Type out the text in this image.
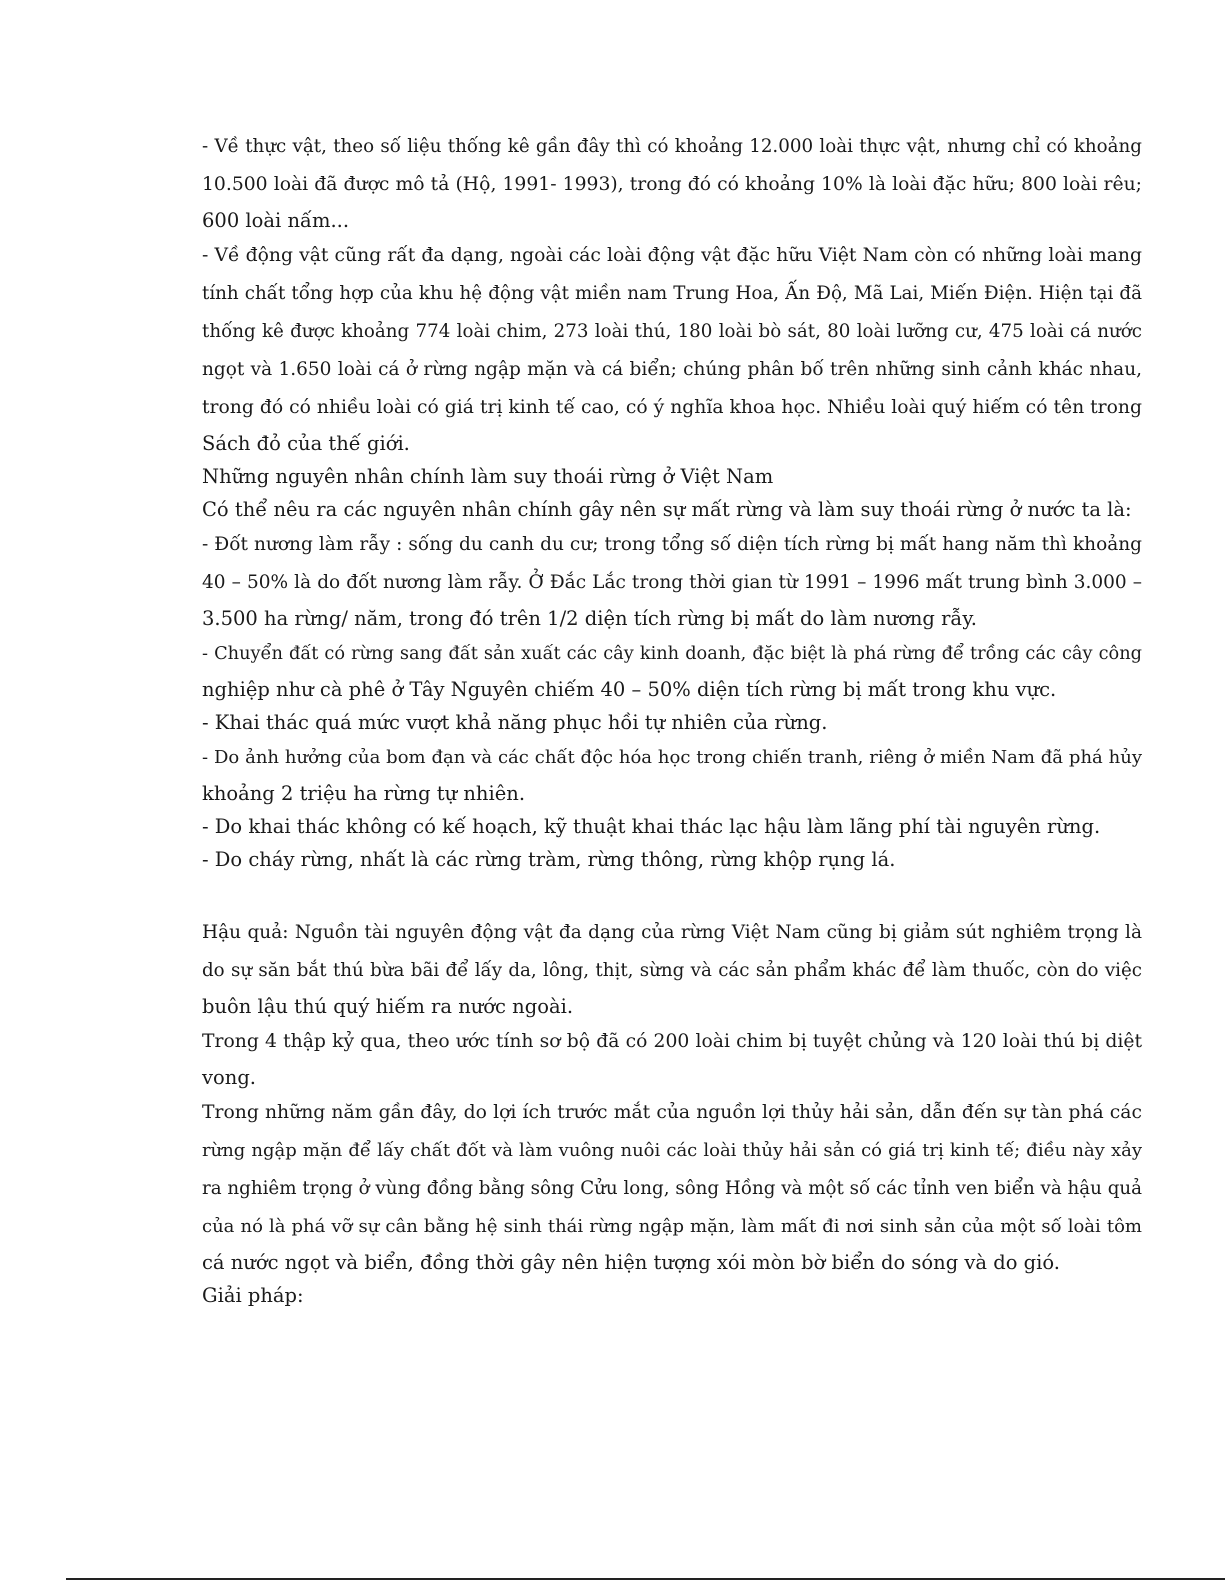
- Về thực vật, theo số liệu thống kê gần đây thì có khoảng 12.000 loài thực vật, nhưng chỉ có khoảng
10.500 loài đã được mô tả (Hộ, 1991- 1993), trong đó có khoảng 10% là loài đặc hữu; 800 loài rêu;
600 loài nấm...
- Về động vật cũng rất đa dạng, ngoài các loài động vật đặc hữu Việt Nam còn có những loài mang
tính chất tổng hợp của khu hệ động vật miền nam Trung Hoa, Ấn Độ, Mã Lai, Miến Điện. Hiện tại đã
thống kê được khoảng 774 loài chim, 273 loài thú, 180 loài bò sát, 80 loài lưỡng cư, 475 loài cá nước
ngọt và 1.650 loài cá ở rừng ngập mặn và cá biển; chúng phân bố trên những sinh cảnh khác nhau,
trong đó có nhiều loài có giá trị kinh tế cao, có ý nghĩa khoa học. Nhiều loài quý hiếm có tên trong
Sách đỏ của thế giới.
Những nguyên nhân chính làm suy thoái rừng ở Việt Nam
Có thể nêu ra các nguyên nhân chính gây nên sự mất rừng và làm suy thoái rừng ở nước ta là:
- Đốt nương làm rẫy : sống du canh du cư; trong tổng số diện tích rừng bị mất hang năm thì khoảng
40 – 50% là do đốt nương làm rẫy. Ở Đắc Lắc trong thời gian từ 1991 – 1996 mất trung bình 3.000 –
3.500 ha rừng/ năm, trong đó trên 1/2 diện tích rừng bị mất do làm nương rẫy.
- Chuyển đất có rừng sang đất sản xuất các cây kinh doanh, đặc biệt là phá rừng để trồng các cây công
nghiệp như cà phê ở Tây Nguyên chiếm 40 – 50% diện tích rừng bị mất trong khu vực.
- Khai thác quá mức vượt khả năng phục hồi tự nhiên của rừng.
- Do ảnh hưởng của bom đạn và các chất độc hóa học trong chiến tranh, riêng ở miền Nam đã phá hủy
khoảng 2 triệu ha rừng tự nhiên.
- Do khai thác không có kế hoạch, kỹ thuật khai thác lạc hậu làm lãng phí tài nguyên rừng.
- Do cháy rừng, nhất là các rừng tràm, rừng thông, rừng khộp rụng lá.
Hậu quả: Nguồn tài nguyên động vật đa dạng của rừng Việt Nam cũng bị giảm sút nghiêm trọng là
do sự săn bắt thú bừa bãi để lấy da, lông, thịt, sừng và các sản phẩm khác để làm thuốc, còn do việc
buôn lậu thú quý hiếm ra nước ngoài.
Trong 4 thập kỷ qua, theo ước tính sơ bộ đã có 200 loài chim bị tuyệt chủng và 120 loài thú bị diệt
vong.
Trong những năm gần đây, do lợi ích trước mắt của nguồn lợi thủy hải sản, dẫn đến sự tàn phá các
rừng ngập mặn để lấy chất đốt và làm vuông nuôi các loài thủy hải sản có giá trị kinh tế; điều này xảy
ra nghiêm trọng ở vùng đồng bằng sông Cửu long, sông Hồng và một số các tỉnh ven biển và hậu quả
của nó là phá vỡ sự cân bằng hệ sinh thái rừng ngập mặn, làm mất đi nơi sinh sản của một số loài tôm
cá nước ngọt và biển, đồng thời gây nên hiện tượng xói mòn bờ biển do sóng và do gió.
Giải pháp:
